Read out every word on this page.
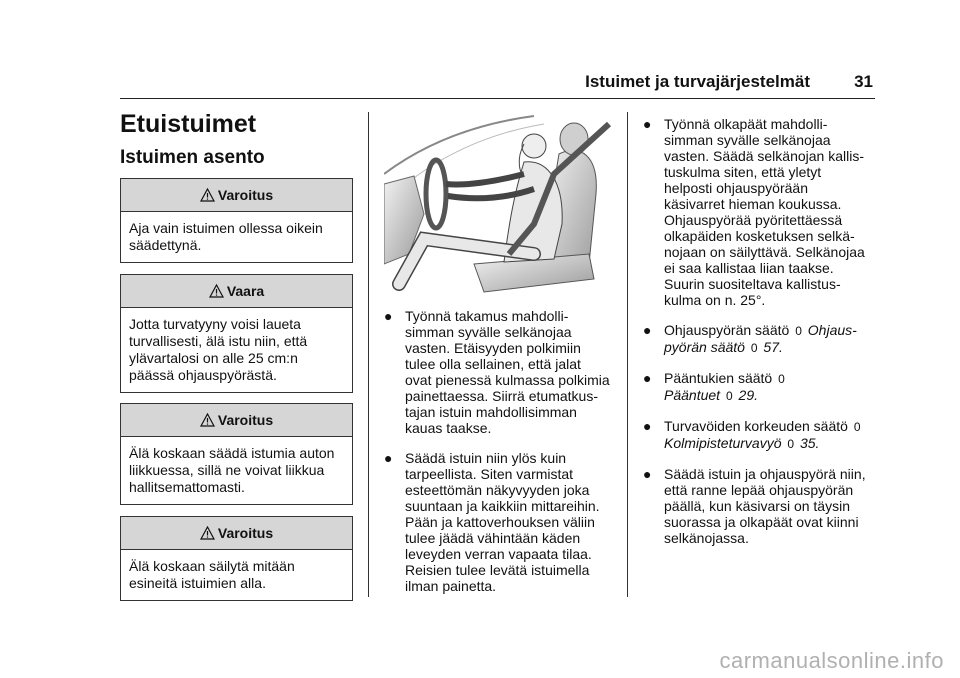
Istuimet ja turvajärjestelmät	31
Etuistuimet
Istuimen asento
Varoitus
Aja vain istuimen ollessa oikein säädettynä.
Vaara
Jotta turvatyyny voisi laueta turvallisesti, älä istu niin, että ylävartalosi on alle 25 cm:n päässä ohjauspyörästä.
Varoitus
Älä koskaan säädä istumia auton liikkuessa, sillä ne voivat liikkua hallitsemattomasti.
Varoitus
Älä koskaan säilytä mitään esineitä istuimien alla.
● Työnnä takamus mahdolli-
simman syvälle selkänojaa
vasten. Etäisyyden polkimiin
tulee olla sellainen, että jalat
ovat pienessä kulmassa polkimia
painettaessa. Siirrä etumatkus-
tajan istuin mahdollisimman
kauas taakse.
● Säädä istuin niin ylös kuin
tarpeellista. Siten varmistat
esteettömän näkyvyyden joka
suuntaan ja kaikkiin mittareihin.
Pään ja kattoverhouksen väliin
tulee jäädä vähintään käden
leveyden verran vapaata tilaa.
Reisien tulee levätä istuimella
ilman painetta.
● Työnnä olkapäät mahdolli-
simman syvälle selkänojaa
vasten. Säädä selkänojan kallis-
tuskulma siten, että yletyt
helposti ohjauspyörään
käsivarret hieman koukussa.
Ohjauspyörää pyöritettäessä
olkapäiden kosketuksen selkä-
nojaan on säilyttävä. Selkänojaa
ei saa kallistaa liian taakse.
Suurin suositeltava kallistus-
kulma on n. 25°.
● Ohjauspyörän säätö 0 Ohjaus-
pyörän säätö 0 57.
● Pääntukien säätö 0
Pääntuet 0 29.
● Turvavöiden korkeuden säätö 0
Kolmipisteturvavyö 0 35.
● Säädä istuin ja ohjauspyörä niin,
että ranne lepää ohjauspyörän
päällä, kun käsivarsi on täysin
suorassa ja olkapäät ovat kiinni
selkänojassa.
carmanualsonline.info
